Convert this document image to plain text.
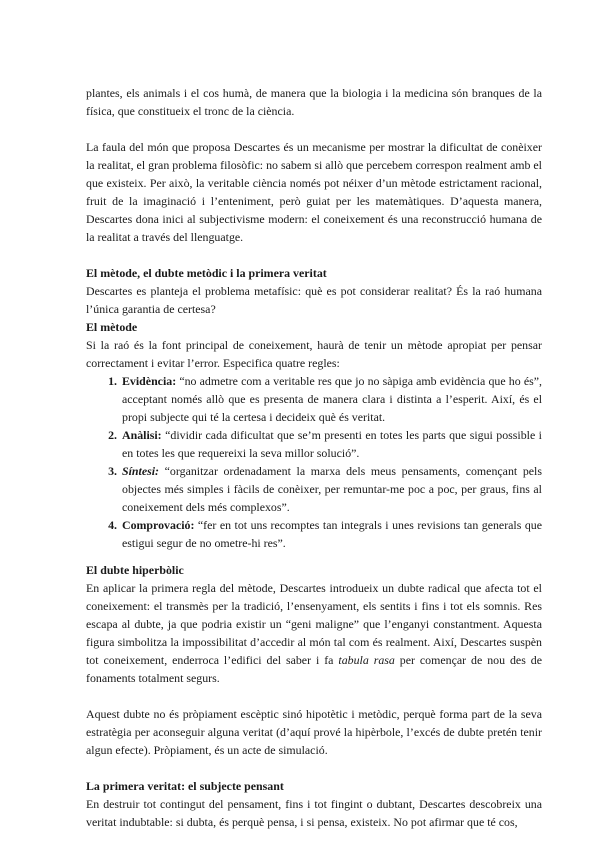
plantes, els animals i el cos humà, de manera que la biologia i la medicina són branques de la física, que constitueix el tronc de la ciència.

La faula del món que proposa Descartes és un mecanisme per mostrar la dificultat de conèixer la realitat, el gran problema filosòfic: no sabem si allò que percebem correspon realment amb el que existeix. Per això, la veritable ciència només pot néixer d’un mètode estrictament racional, fruit de la imaginació i l’enteniment, però guiat per les matemàtiques. D’aquesta manera, Descartes dona inici al subjectivisme modern: el coneixement és una reconstrucció humana de la realitat a través del llenguatge.

El mètode, el dubte metòdic i la primera veritat

Descartes es planteja el problema metafísic: què es pot considerar realitat? És la raó humana l’única garantia de certesa?

El mètode

Si la raó és la font principal de coneixement, haurà de tenir un mètode apropiat per pensar correctament i evitar l’error. Especifica quatre regles:

1. Evidència: “no admetre com a veritable res que jo no sàpiga amb evidència que ho és”, acceptant només allò que es presenta de manera clara i distinta a l’esperit. Així, és el propi subjecte qui té la certesa i decideix què és veritat.
2. Anàlisi: “dividir cada dificultat que se’m presenti en totes les parts que sigui possible i en totes les que requereixi la seva millor solució”.
3. Síntesi: “organitzar ordenadament la marxa dels meus pensaments, començant pels objectes més simples i fàcils de conèixer, per remuntar-me poc a poc, per graus, fins al coneixement dels més complexos”.
4. Comprovació: “fer en tot uns recomptes tan integrals i unes revisions tan generals que estigui segur de no ometre-hi res”.
El dubte hiperbòlic

En aplicar la primera regla del mètode, Descartes introdueix un dubte radical que afecta tot el coneixement: el transmès per la tradició, l’ensenyament, els sentits i fins i tot els somnis. Res escapa al dubte, ja que podria existir un “geni maligne” que l’enganyi constantment. Aquesta figura simbolitza la impossibilitat d’accedir al món tal com és realment. Així, Descartes suspèn tot coneixement, enderroca l’edifici del saber i fa tabula rasa per començar de nou des de fonaments totalment segurs.

Aquest dubte no és pròpiament escèptic sinó hipotètic i metòdic, perquè forma part de la seva estratègia per aconseguir alguna veritat (d’aquí prové la hipèrbole, l’excés de dubte pretén tenir algun efecte). Pròpiament, és un acte de simulació.

La primera veritat: el subjecte pensant

En destruir tot contingut del pensament, fins i tot fingint o dubtant, Descartes descobreix una veritat indubtable: si dubta, és perquè pensa, i si pensa, existeix. No pot afirmar que té cos,
